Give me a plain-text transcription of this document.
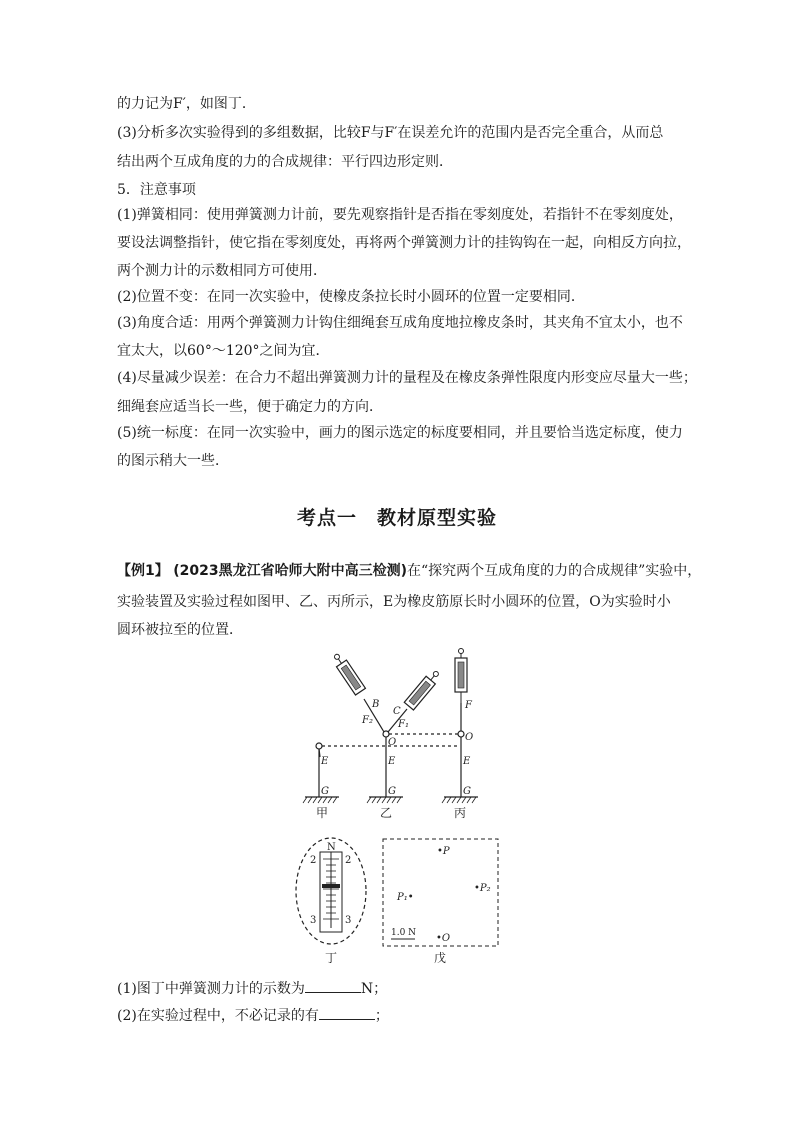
的力记为F′，如图丁．
(3)分析多次实验得到的多组数据，比较F与F′在误差允许的范围内是否完全重合，从而总
结出两个互成角度的力的合成规律：平行四边形定则．
5．注意事项
(1)弹簧相同：使用弹簧测力计前，要先观察指针是否指在零刻度处，若指针不在零刻度处，
要设法调整指针，使它指在零刻度处，再将两个弹簧测力计的挂钩钩在一起，向相反方向拉，
两个测力计的示数相同方可使用．
(2)位置不变：在同一次实验中，使橡皮条拉长时小圆环的位置一定要相同．
(3)角度合适：用两个弹簧测力计钩住细绳套互成角度地拉橡皮条时，其夹角不宜太小，也不
宜太大，以60°～120°之间为宜．
(4)尽量减少误差：在合力不超出弹簧测力计的量程及在橡皮条弹性限度内形变应尽量大一些；
细绳套应适当长一些，便于确定力的方向．
(5)统一标度：在同一次实验中，画力的图示选定的标度要相同，并且要恰当选定标度，使力
的图示稍大一些．
考点一　教材原型实验
【例1】 (2023黑龙江省哈师大附中高三检测)在“探究两个互成角度的力的合成规律”实验中，
实验装置及实验过程如图甲、乙、丙所示，E为橡皮筋原长时小圆环的位置，O为实验时小
圆环被拉至的位置．
B
F₂
C
F₁
O
F
O
E	E	E
G	G	G
甲	乙	丙
N
2	2
3	3
丁
•P
P₁•
•P₂
•O
1.0 N
戊
(1)图丁中弹簧测力计的示数为	N；
(2)在实验过程中，不必记录的有	；
